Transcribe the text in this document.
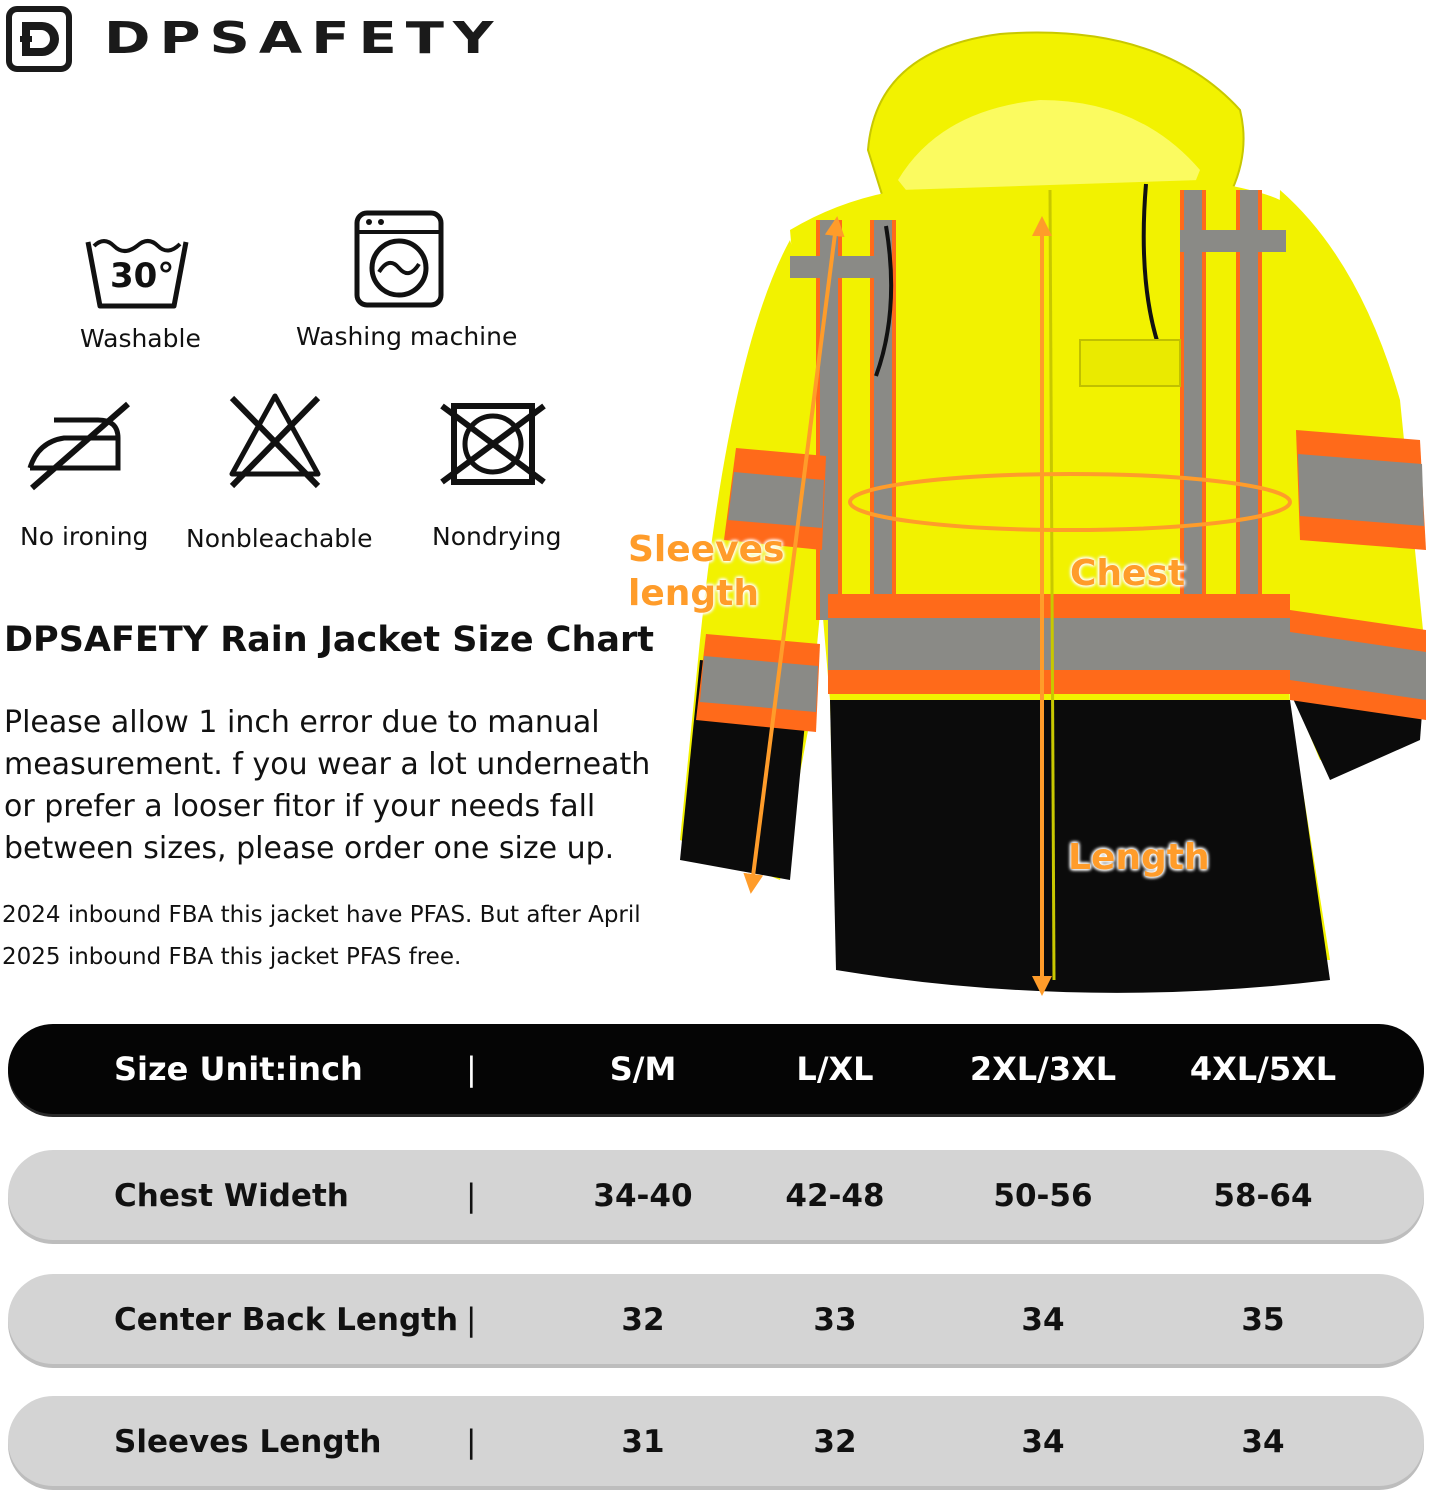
DPSAFETY
30°
Washable	Washing machine
No ironing Nonbleachable Nondrying
DPSAFETY Rain Jacket Size Chart
Please allow 1 inch error due to manual
measurement. f you wear a lot underneath
or prefer a looser fitor if your needs fall
between sizes, please order one size up.
2024 inbound FBA this jacket have PFAS. But after April
2025 inbound FBA this jacket PFAS free.
Sleeves
length	Chest
Length
Size Unit:inch	|	S/M	L/XL	2XL/3XL	4XL/5XL
Chest Wideth	|	34-40	42-48	50-56	58-64
Center Back Length |	32	33	34	35
Sleeves Length	|	31	32	34	34
